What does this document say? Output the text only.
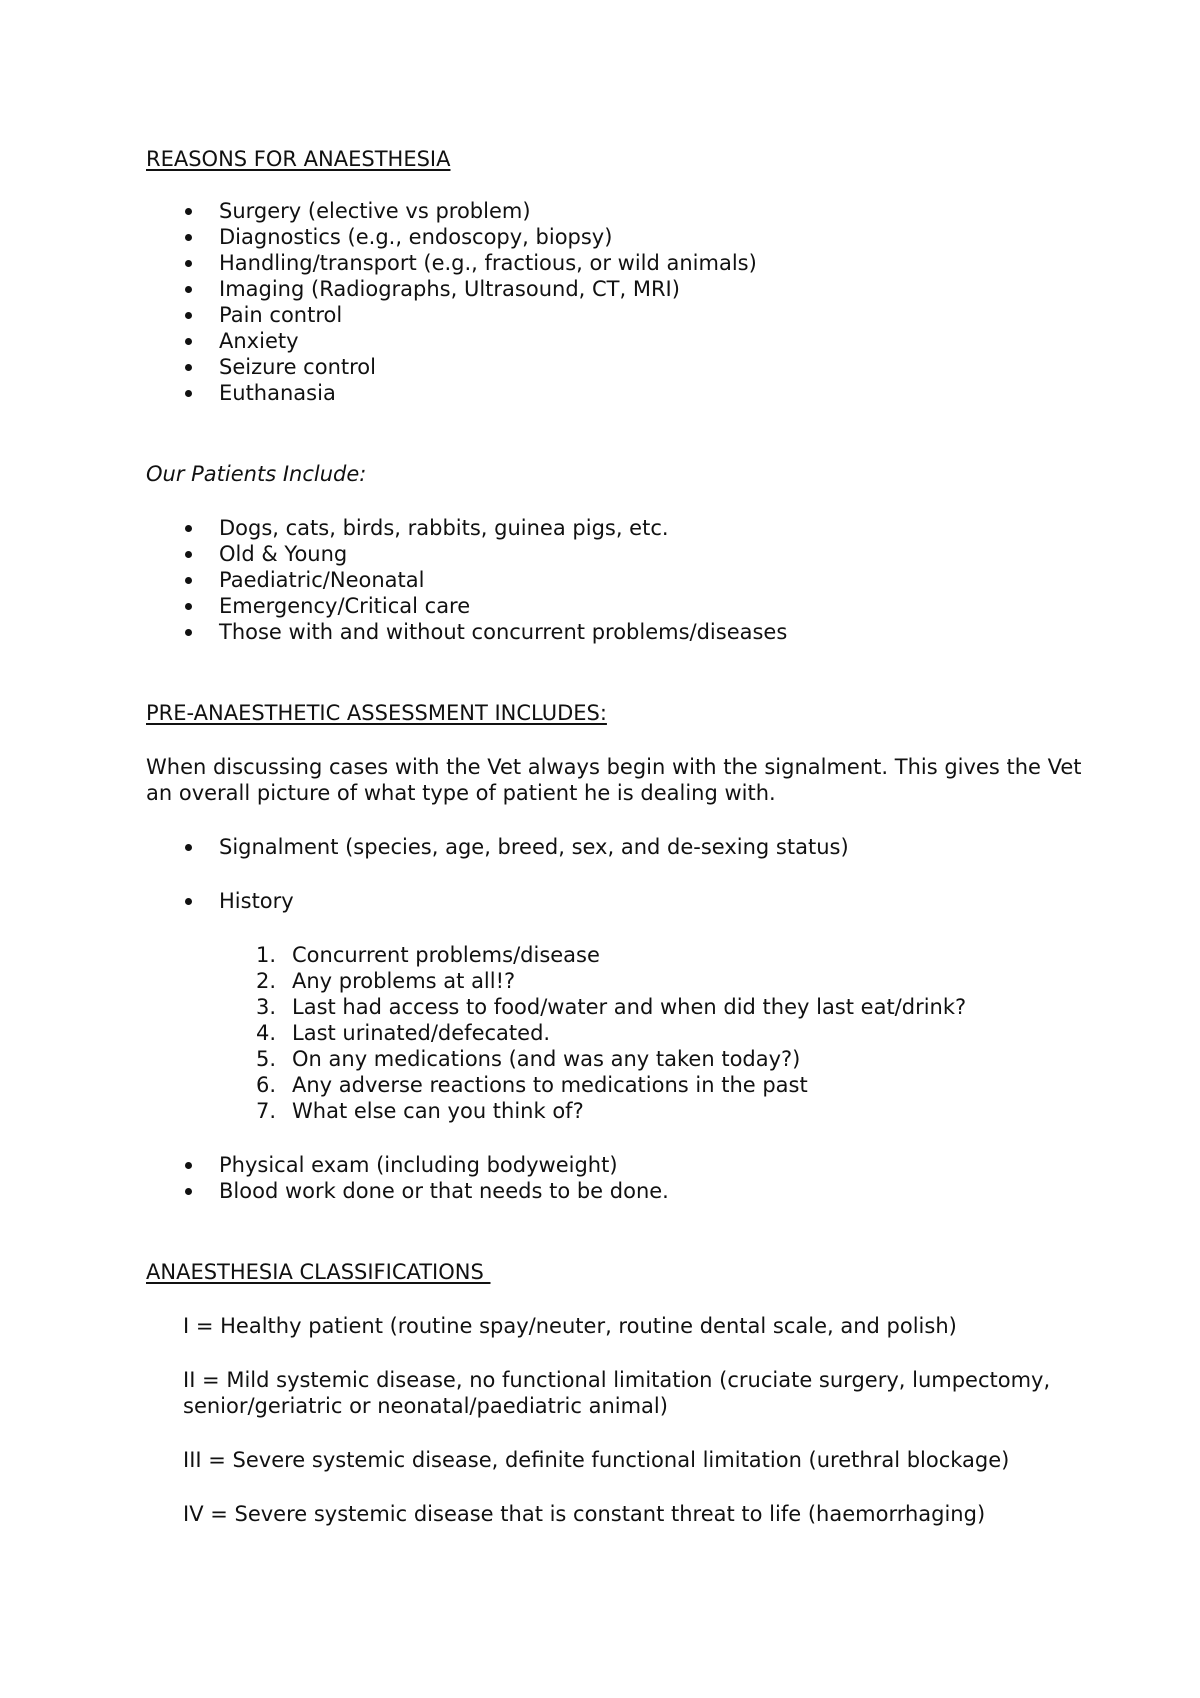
REASONS FOR ANAESTHESIA

Surgery (elective vs problem)
Diagnostics (e.g., endoscopy, biopsy)
Handling/transport (e.g., fractious, or wild animals)
Imaging (Radiographs, Ultrasound, CT, MRI)
Pain control
Anxiety
Seizure control
Euthanasia

Our Patients Include:

Dogs, cats, birds, rabbits, guinea pigs, etc.
Old & Young
Paediatric/Neonatal
Emergency/Critical care
Those with and without concurrent problems/diseases

PRE-ANAESTHETIC ASSESSMENT INCLUDES:

When discussing cases with the Vet always begin with the signalment. This gives the Vet an overall picture of what type of patient he is dealing with.

Signalment (species, age, breed, sex, and de-sexing status)
History
1. Concurrent problems/disease
2. Any problems at all!?
3. Last had access to food/water and when did they last eat/drink?
4. Last urinated/defecated.
5. On any medications (and was any taken today?)
6. Any adverse reactions to medications in the past
7. What else can you think of?
Physical exam (including bodyweight)
Blood work done or that needs to be done.

ANAESTHESIA CLASSIFICATIONS

I = Healthy patient (routine spay/neuter, routine dental scale, and polish)

II = Mild systemic disease, no functional limitation (cruciate surgery, lumpectomy, senior/geriatric or neonatal/paediatric animal)

III = Severe systemic disease, definite functional limitation (urethral blockage)

IV = Severe systemic disease that is constant threat to life (haemorrhaging)
